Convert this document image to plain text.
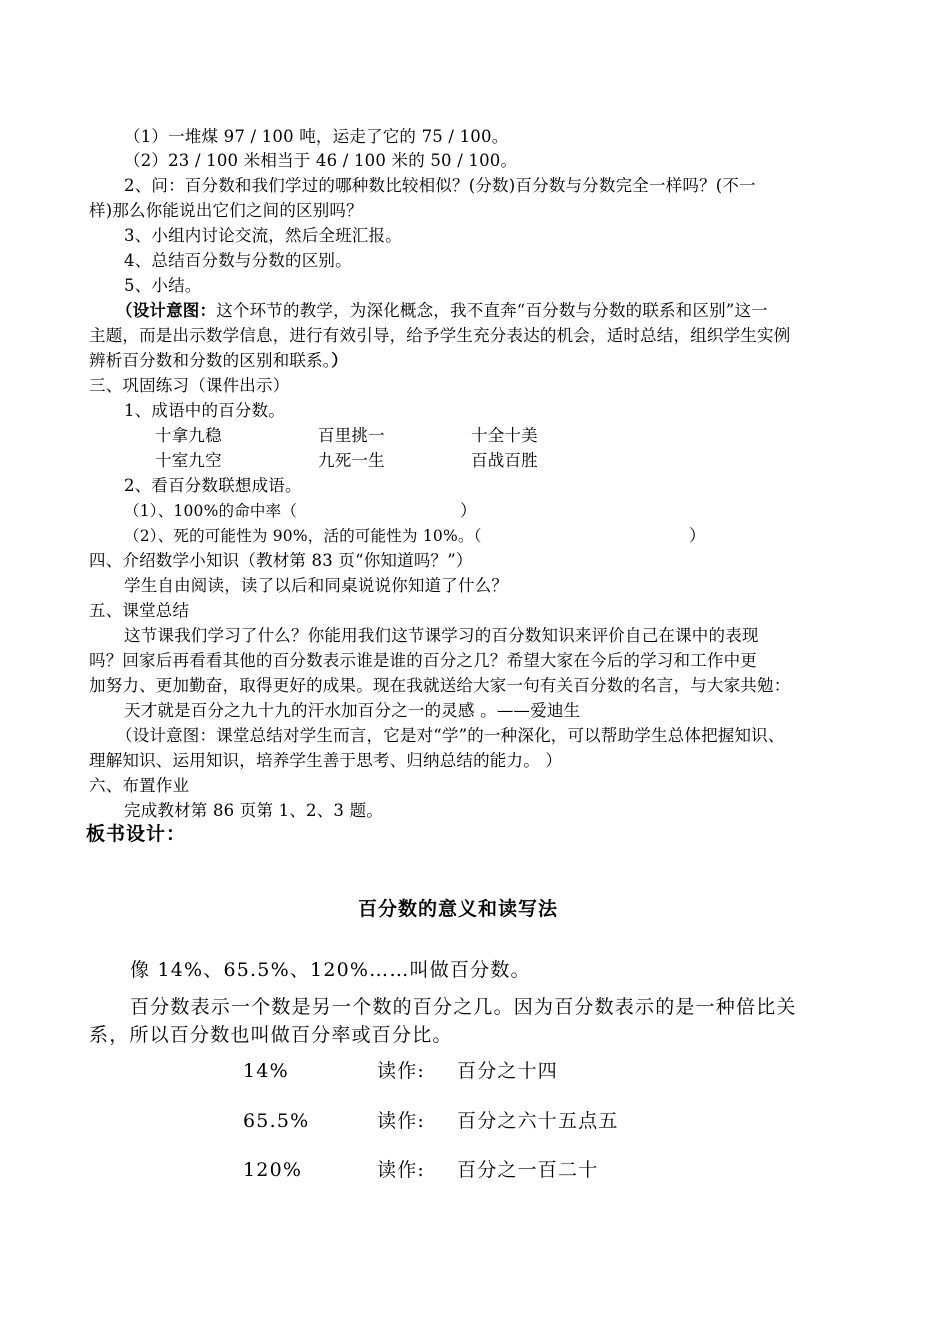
（1）一堆煤 97 / 100 吨，运走了它的 75 / 100。
（2）23 / 100 米相当于 46 / 100 米的 50 / 100。
2、问：百分数和我们学过的哪种数比较相似？(分数)百分数与分数完全一样吗？(不一
样)那么你能说出它们之间的区别吗？
3、小组内讨论交流，然后全班汇报。
4、总结百分数与分数的区别。
5、小结。
（设计意图：这个环节的教学，为深化概念，我不直奔“百分数与分数的联系和区别”这一
主题，而是出示数学信息，进行有效引导，给予学生充分表达的机会，适时总结，组织学生实例
辨析百分数和分数的区别和联系。）
三、巩固练习（课件出示）
1、成语中的百分数。
十拿九稳	百里挑一	十全十美
十室九空	九死一生	百战百胜
2、看百分数联想成语。
（1）、100%的命中率（	）
（2）、死的可能性为 90%，活的可能性为 10%。（	）
四、介绍数学小知识（教材第 83 页“你知道吗？”）
学生自由阅读，读了以后和同桌说说你知道了什么？
五、课堂总结
这节课我们学习了什么？你能用我们这节课学习的百分数知识来评价自己在课中的表现
吗？回家后再看看其他的百分数表示谁是谁的百分之几？希望大家在今后的学习和工作中更
加努力、更加勤奋，取得更好的成果。现在我就送给大家一句有关百分数的名言，与大家共勉：
天才就是百分之九十九的汗水加百分之一的灵感 。——爱迪生
（设计意图：课堂总结对学生而言，它是对“学”的一种深化，可以帮助学生总体把握知识、
理解知识、运用知识，培养学生善于思考、归纳总结的能力。 ）
六、布置作业
完成教材第 86 页第 1、2、3 题。
板书设计：
百分数的意义和读写法
像 14%、65.5%、120%……叫做百分数。
百分数表示一个数是另一个数的百分之几。因为百分数表示的是一种倍比关
系，所以百分数也叫做百分率或百分比。
14%	读作: 百分之十四
65.5%	读作: 百分之六十五点五
120%	读作: 百分之一百二十
